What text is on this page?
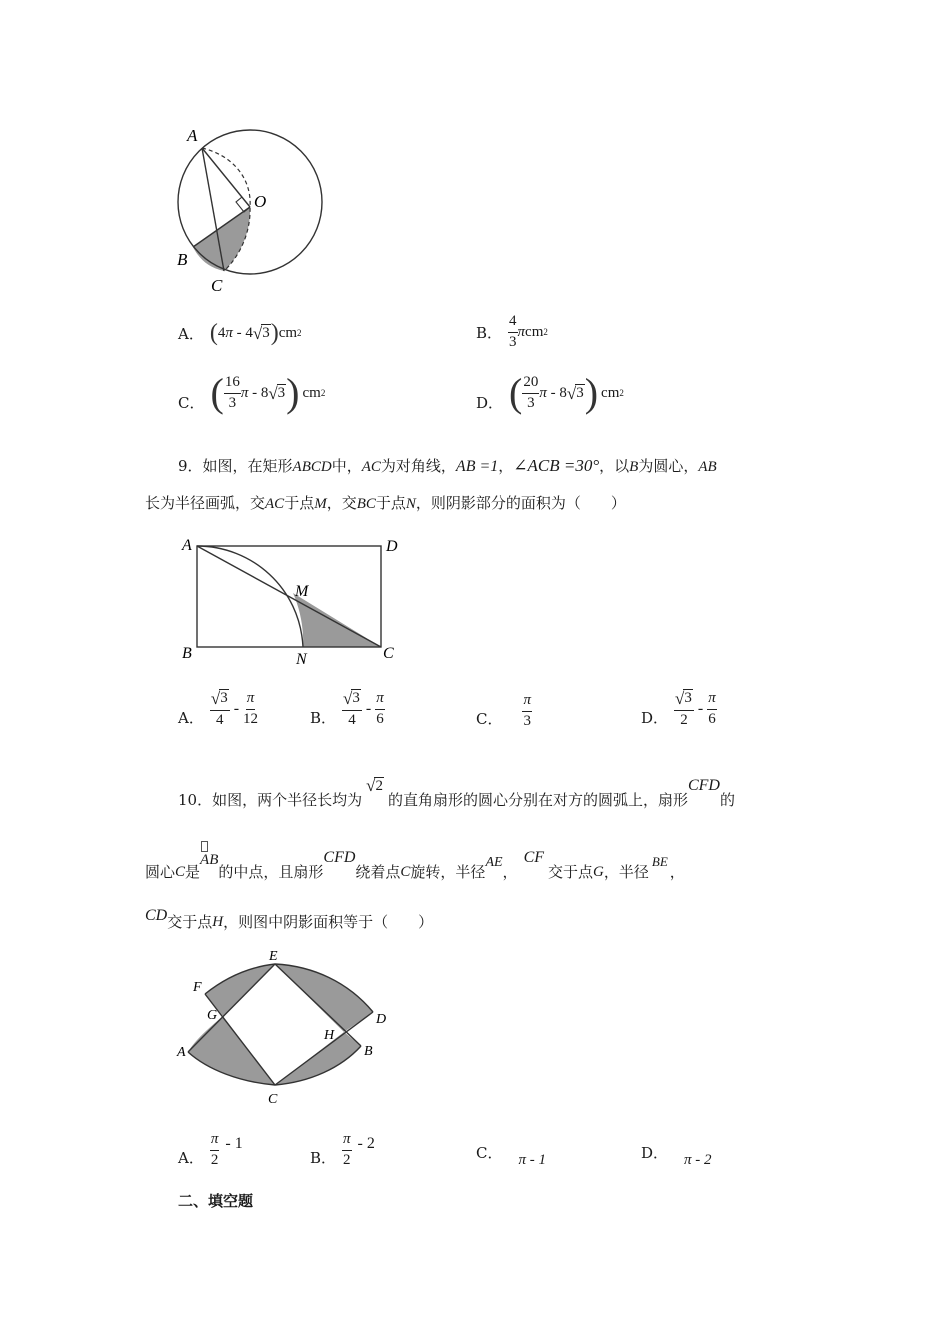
A
O
B
C
A． ( 4 π - 4 √ 3 ) cm 2	B． $\frac{4}{3}$ π cm 2
C． ( $\frac{16}{3}$ π - 8 √ 3 ) cm 2
D． ( $\frac{20}{3}$ π - 8 √ 3 ) cm 2
9．如图，在矩形ABCD中，AC为对角线，AB =1，∠ACB =30°，以B为圆心，AB
长为半径画弧，交AC于点M，交BC于点N，则阴影部分的面积为（　　）
A	D
M
B	N	C
A． $\frac{√ 3}{4} - \frac{\pi}{12}$	B． $\frac{√ 3}{4} - \frac{\pi}{6}$	C． $\frac{\pi}{3}$	D． $\frac{√ 3}{2} - \frac{\pi}{6}$
10．如图，两个半径长均为
√ 2
的直角扇形的圆心分别在对方的圆弧上，扇形
CFD
的
圆心 C 是
AB
的中点，且扇形
CFD
绕着点 C 旋转，半径
AE
，
CF
交于点 G ，半径
BE
，
CD 交于点 H ，则图中阴影面积等于（　　）
E
F
G	D
H
A	B
C
A． $\frac{\pi}{2} - 1$
B． $\frac{\pi}{2} - 2$
C． π - 1	D． π - 2
二、填空题
